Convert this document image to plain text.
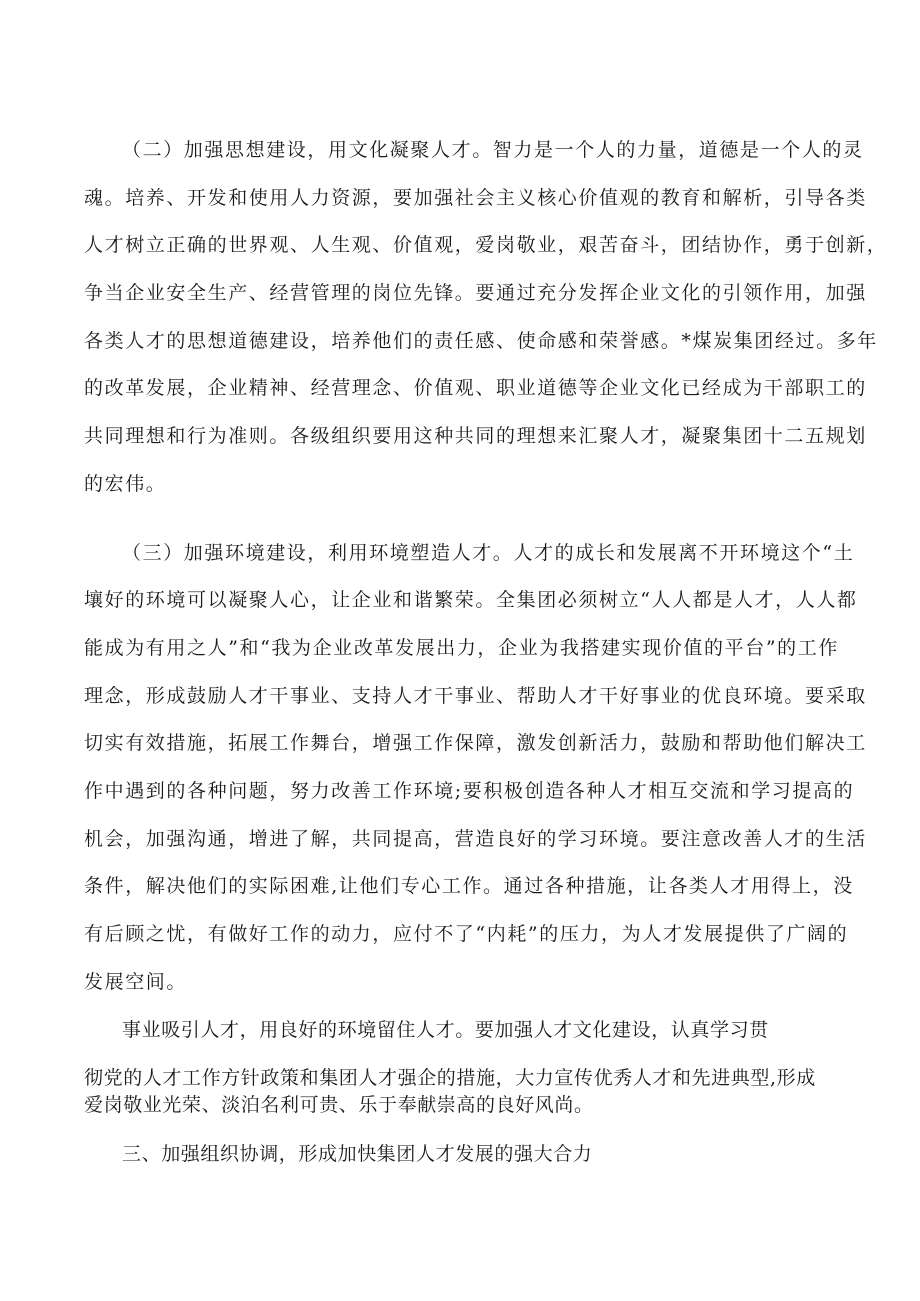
（二）加强思想建设，用文化凝聚人才。智力是一个人的力量，道德是一个人的灵
魂。培养、开发和使用人力资源，要加强社会主义核心价值观的教育和解析，引导各类
人才树立正确的世界观、人生观、价值观，爱岗敬业，艰苦奋斗，团结协作，勇于创新，
争当企业安全生产、经营管理的岗位先锋。要通过充分发挥企业文化的引领作用，加强
各类人才的思想道德建设，培养他们的责任感、使命感和荣誉感。*煤炭集团经过。多年
的改革发展，企业精神、经营理念、价值观、职业道德等企业文化已经成为干部职工的
共同理想和行为准则。各级组织要用这种共同的理想来汇聚人才，凝聚集团十二五规划
的宏伟。
（三）加强环境建设，利用环境塑造人才。人才的成长和发展离不开环境这个“土
壤好的环境可以凝聚人心，让企业和谐繁荣。全集团必须树立“人人都是人才，人人都
能成为有用之人”和“我为企业改革发展出力，企业为我搭建实现价值的平台”的工作
理念，形成鼓励人才干事业、支持人才干事业、帮助人才干好事业的优良环境。要采取
切实有效措施，拓展工作舞台，增强工作保障，激发创新活力，鼓励和帮助他们解决工
作中遇到的各种问题，努力改善工作环境;要积极创造各种人才相互交流和学习提高的
机会，加强沟通，增进了解，共同提高，营造良好的学习环境。要注意改善人才的生活
条件，解决他们的实际困难,让他们专心工作。通过各种措施，让各类人才用得上，没
有后顾之忧，有做好工作的动力，应付不了“内耗”的压力，为人才发展提供了广阔的
发展空间。
事业吸引人才，用良好的环境留住人才。要加强人才文化建设，认真学习贯
彻党的人才工作方针政策和集团人才强企的措施，大力宣传优秀人才和先进典型,形成
爱岗敬业光荣、淡泊名利可贵、乐于奉献崇高的良好风尚。
三、加强组织协调，形成加快集团人才发展的强大合力
